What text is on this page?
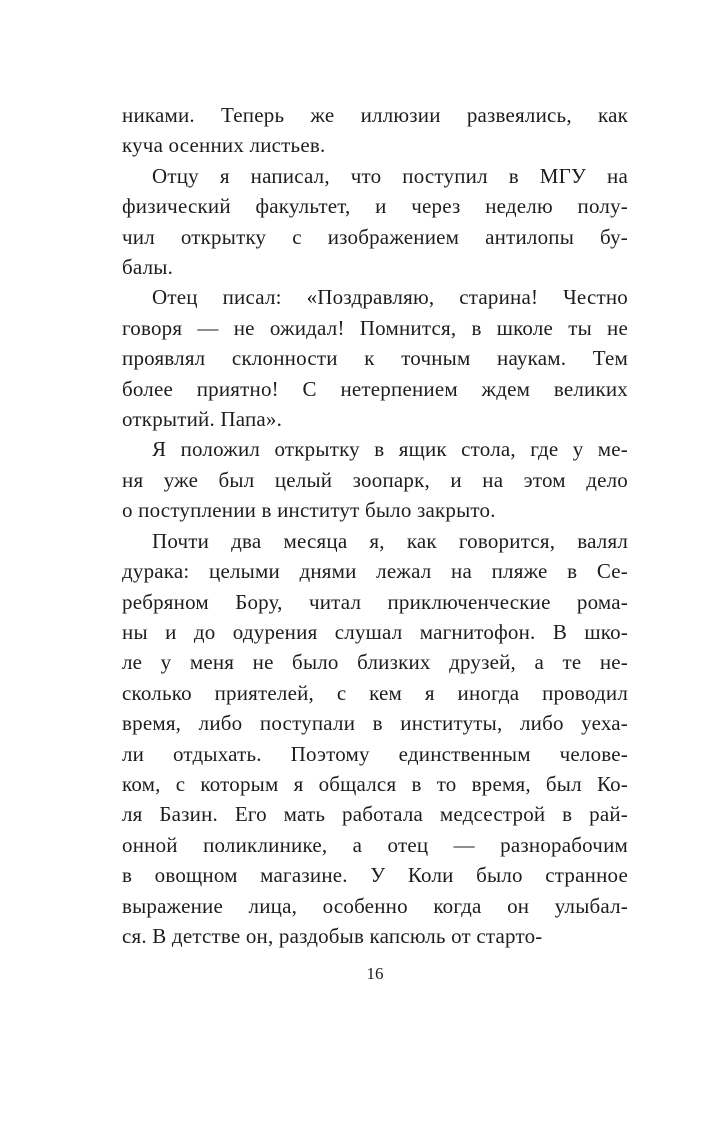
никами. Теперь же иллюзии развеялись, как
куча осенних листьев.
Отцу я написал, что поступил в МГУ на
физический факультет, и через неделю полу-
чил открытку с изображением антилопы бу-
балы.
Отец писал: «Поздравляю, старина! Честно
говоря — не ожидал! Помнится, в школе ты не
проявлял склонности к точным наукам. Тем
более приятно! С нетерпением ждем великих
открытий. Папа».
Я положил открытку в ящик стола, где у ме-
ня уже был целый зоопарк, и на этом дело
о поступлении в институт было закрыто.
Почти два месяца я, как говорится, валял
дурака: целыми днями лежал на пляже в Се-
ребряном Бору, читал приключенческие рома-
ны и до одурения слушал магнитофон. В шко-
ле у меня не было близких друзей, а те не-
сколько приятелей, с кем я иногда проводил
время, либо поступали в институты, либо уеха-
ли отдыхать. Поэтому единственным челове-
ком, с которым я общался в то время, был Ко-
ля Базин. Его мать работала медсестрой в рай-
онной поликлинике, а отец — разнорабочим
в овощном магазине. У Коли было странное
выражение лица, особенно когда он улыбал-
ся. В детстве он, раздобыв капсюль от старто-
16
